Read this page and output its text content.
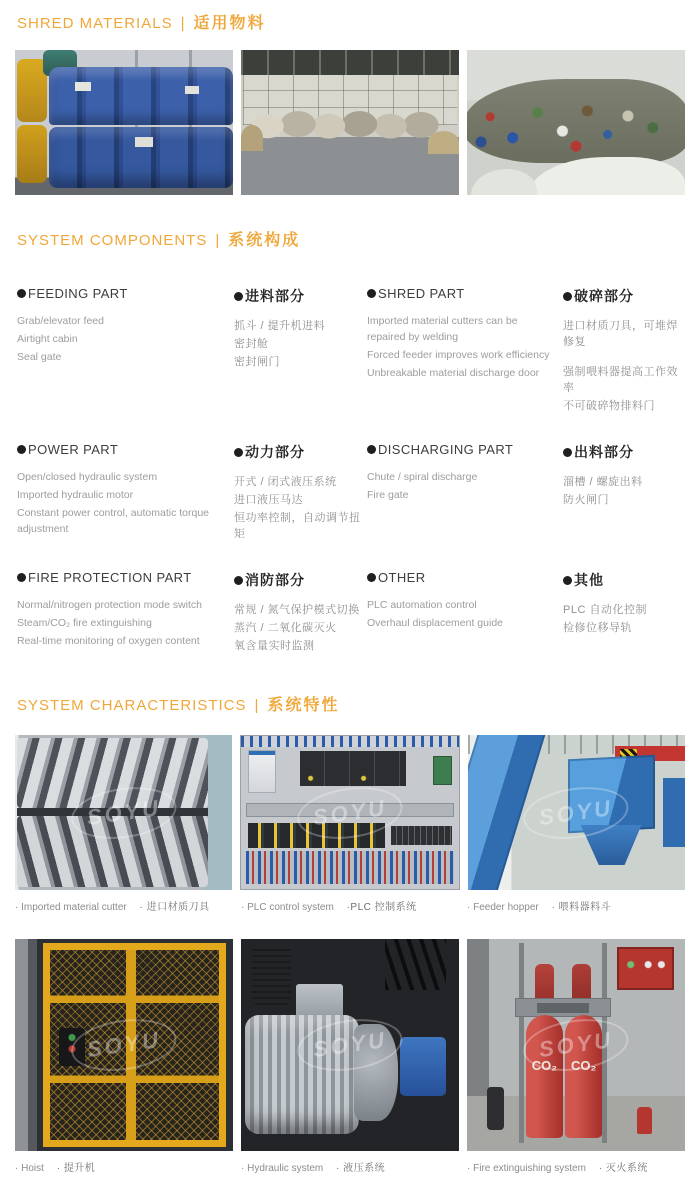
SHRED MATERIALS | 适用物料
SYSTEM COMPONENTS | 系统构成
FEEDING PART
Grab/elevator feed
Airtight cabin
Seal gate
进料部分
抓斗 / 提升机进料
密封舱
密封闸门
SHRED PART
Imported material cutters can be repaired by welding
Forced feeder improves work efficiency
Unbreakable material discharge door
破碎部分
进口材质刀具，可堆焊修复
强制喂料器提高工作效率
不可破碎物排料门
POWER PART
Open/closed hydraulic system
Imported hydraulic motor
Constant power control, automatic torque adjustment
动力部分
开式 / 闭式液压系统
进口液压马达
恒功率控制，自动调节扭矩
DISCHARGING PART
Chute / spiral discharge
Fire gate
出料部分
溜槽 / 螺旋出料
防火闸门
FIRE PROTECTION PART
Normal/nitrogen protection mode switch
Steam/CO₂ fire extinguishing
Real-time monitoring of oxygen content
消防部分
常规 / 氮气保护模式切换
蒸汽 / 二氧化碳灭火
氧含量实时监测
OTHER
PLC automation control
Overhaul displacement guide
其他
PLC 自动化控制
检修位移导轨
SYSTEM CHARACTERISTICS | 系统特性
SOYU	SOYU	SOYU
· Imported material cutter · 进口材质刀具	· PLC control system ·PLC 控制系统	· Feeder hopper · 喂料器料斗
SOYU	SOYU
CO₂	CO₂
SOYU
· Hoist · 提升机	· Hydraulic system · 液压系统	· Fire extinguishing system · 灭火系统
